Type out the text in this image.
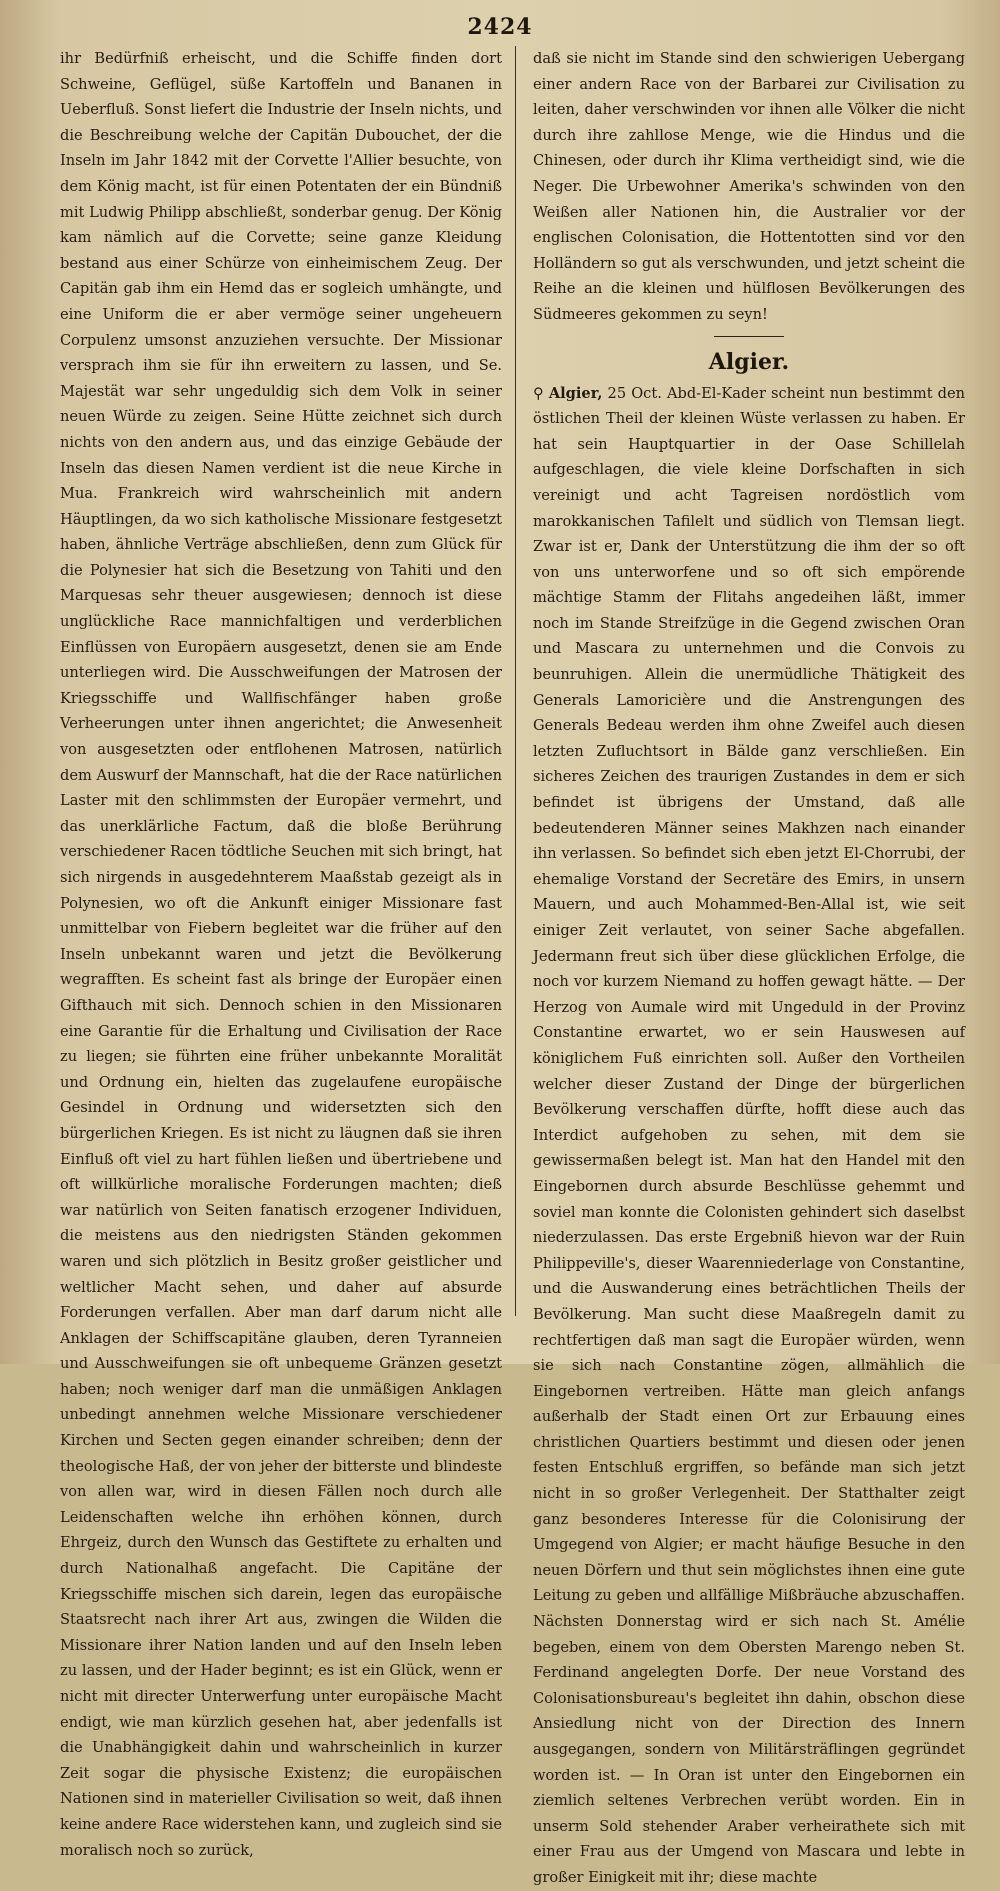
2424

ihr Bedürfniß erheischt, und die Schiffe finden dort Schweine, Geflügel, süße Kartoffeln und Bananen in Ueberfluß. Sonst liefert die Industrie der Inseln nichts, und die Beschreibung welche der Capitän Dubouchet, der die Inseln im Jahr 1842 mit der Corvette l'Allier besuchte, von dem König macht, ist für einen Potentaten der ein Bündniß mit Ludwig Philipp abschließt, sonderbar genug. Der König kam nämlich auf die Corvette; seine ganze Kleidung bestand aus einer Schürze von einheimischem Zeug. Der Capitän gab ihm ein Hemd das er sogleich umhängte, und eine Uniform die er aber vermöge seiner ungeheuern Corpulenz umsonst anzuziehen versuchte. Der Missionar versprach ihm sie für ihn erweitern zu lassen, und Se. Majestät war sehr ungeduldig sich dem Volk in seiner neuen Würde zu zeigen. Seine Hütte zeichnet sich durch nichts von den andern aus, und das einzige Gebäude der Inseln das diesen Namen verdient ist die neue Kirche in Mua. Frankreich wird wahrscheinlich mit andern Häuptlingen, da wo sich katholische Missionare festgesetzt haben, ähnliche Verträge abschließen, denn zum Glück für die Polynesier hat sich die Besetzung von Tahiti und den Marquesas sehr theuer ausgewiesen; dennoch ist diese unglückliche Race mannichfaltigen und verderblichen Einflüssen von Europäern ausgesetzt, denen sie am Ende unterliegen wird. Die Ausschweifungen der Matrosen der Kriegsschiffe und Wallfischfänger haben große Verheerungen unter ihnen angerichtet; die Anwesenheit von ausgesetzten oder entflohenen Matrosen, natürlich dem Auswurf der Mannschaft, hat die der Race natürlichen Laster mit den schlimmsten der Europäer vermehrt, und das unerklärliche Factum, daß die bloße Berührung verschiedener Racen tödtliche Seuchen mit sich bringt, hat sich nirgends in ausgedehnterem Maaßstab gezeigt als in Polynesien, wo oft die Ankunft einiger Missionare fast unmittelbar von Fiebern begleitet war die früher auf den Inseln unbekannt waren und jetzt die Bevölkerung wegrafften. Es scheint fast als bringe der Europäer einen Gifthauch mit sich. Dennoch schien in den Missionaren eine Garantie für die Erhaltung und Civilisation der Race zu liegen; sie führten eine früher unbekannte Moralität und Ordnung ein, hielten das zugelaufene europäische Gesindel in Ordnung und widersetzten sich den bürgerlichen Kriegen. Es ist nicht zu läugnen daß sie ihren Einfluß oft viel zu hart fühlen ließen und übertriebene und oft willkürliche moralische Forderungen machten; dieß war natürlich von Seiten fanatisch erzogener Individuen, die meistens aus den niedrigsten Ständen gekommen waren und sich plötzlich in Besitz großer geistlicher und weltlicher Macht sehen, und daher auf absurde Forderungen verfallen. Aber man darf darum nicht alle Anklagen der Schiffscapitäne glauben, deren Tyranneien und Ausschweifungen sie oft unbequeme Gränzen gesetzt haben; noch weniger darf man die unmäßigen Anklagen unbedingt annehmen welche Missionare verschiedener Kirchen und Secten gegen einander schreiben; denn der theologische Haß, der von jeher der bitterste und blindeste von allen war, wird in diesen Fällen noch durch alle Leidenschaften welche ihn erhöhen können, durch Ehrgeiz, durch den Wunsch das Gestiftete zu erhalten und durch Nationalhaß angefacht. Die Capitäne der Kriegsschiffe mischen sich darein, legen das europäische Staatsrecht nach ihrer Art aus, zwingen die Wilden die Missionare ihrer Nation landen und auf den Inseln leben zu lassen, und der Hader beginnt; es ist ein Glück, wenn er nicht mit directer Unterwerfung unter europäische Macht endigt, wie man kürzlich gesehen hat, aber jedenfalls ist die Unabhängigkeit dahin und wahrscheinlich in kurzer Zeit sogar die physische Existenz; die europäischen Nationen sind in materieller Civilisation so weit, daß ihnen keine andere Race widerstehen kann, und zugleich sind sie moralisch noch so zurück,

daß sie nicht im Stande sind den schwierigen Uebergang einer andern Race von der Barbarei zur Civilisation zu leiten, daher verschwinden vor ihnen alle Völker die nicht durch ihre zahllose Menge, wie die Hindus und die Chinesen, oder durch ihr Klima vertheidigt sind, wie die Neger. Die Urbewohner Amerika's schwinden von den Weißen aller Nationen hin, die Australier vor der englischen Colonisation, die Hottentotten sind vor den Holländern so gut als verschwunden, und jetzt scheint die Reihe an die kleinen und hülflosen Bevölkerungen des Südmeeres gekommen zu seyn!

Algier.

⚲ Algier, 25 Oct. Abd-El-Kader scheint nun bestimmt den östlichen Theil der kleinen Wüste verlassen zu haben. Er hat sein Hauptquartier in der Oase Schillelah aufgeschlagen, die viele kleine Dorfschaften in sich vereinigt und acht Tagreisen nordöstlich vom marokkanischen Tafilelt und südlich von Tlemsan liegt. Zwar ist er, Dank der Unterstützung die ihm der so oft von uns unterworfene und so oft sich empörende mächtige Stamm der Flitahs angedeihen läßt, immer noch im Stande Streifzüge in die Gegend zwischen Oran und Mascara zu unternehmen und die Convois zu beunruhigen. Allein die unermüdliche Thätigkeit des Generals Lamoricière und die Anstrengungen des Generals Bedeau werden ihm ohne Zweifel auch diesen letzten Zufluchtsort in Bälde ganz verschließen. Ein sicheres Zeichen des traurigen Zustandes in dem er sich befindet ist übrigens der Umstand, daß alle bedeutenderen Männer seines Makhzen nach einander ihn verlassen. So befindet sich eben jetzt El-Chorrubi, der ehemalige Vorstand der Secretäre des Emirs, in unsern Mauern, und auch Mohammed-Ben-Allal ist, wie seit einiger Zeit verlautet, von seiner Sache abgefallen. Jedermann freut sich über diese glücklichen Erfolge, die noch vor kurzem Niemand zu hoffen gewagt hätte. — Der Herzog von Aumale wird mit Ungeduld in der Provinz Constantine erwartet, wo er sein Hauswesen auf königlichem Fuß einrichten soll. Außer den Vortheilen welcher dieser Zustand der Dinge der bürgerlichen Bevölkerung verschaffen dürfte, hofft diese auch das Interdict aufgehoben zu sehen, mit dem sie gewissermaßen belegt ist. Man hat den Handel mit den Eingebornen durch absurde Beschlüsse gehemmt und soviel man konnte die Colonisten gehindert sich daselbst niederzulassen. Das erste Ergebniß hievon war der Ruin Philippeville's, dieser Waarenniederlage von Constantine, und die Auswanderung eines beträchtlichen Theils der Bevölkerung. Man sucht diese Maaßregeln damit zu rechtfertigen daß man sagt die Europäer würden, wenn sie sich nach Constantine zögen, allmählich die Eingebornen vertreiben. Hätte man gleich anfangs außerhalb der Stadt einen Ort zur Erbauung eines christlichen Quartiers bestimmt und diesen oder jenen festen Entschluß ergriffen, so befände man sich jetzt nicht in so großer Verlegenheit. Der Statthalter zeigt ganz besonderes Interesse für die Colonisirung der Umgegend von Algier; er macht häufige Besuche in den neuen Dörfern und thut sein möglichstes ihnen eine gute Leitung zu geben und allfällige Mißbräuche abzuschaffen. Nächsten Donnerstag wird er sich nach St. Amélie begeben, einem von dem Obersten Marengo neben St. Ferdinand angelegten Dorfe. Der neue Vorstand des Colonisationsbureau's begleitet ihn dahin, obschon diese Ansiedlung nicht von der Direction des Innern ausgegangen, sondern von Militärsträflingen gegründet worden ist. — In Oran ist unter den Eingebornen ein ziemlich seltenes Verbrechen verübt worden. Ein in unserm Sold stehender Araber verheirathete sich mit einer Frau aus der Umgend von Mascara und lebte in großer Einigkeit mit ihr; diese machte
